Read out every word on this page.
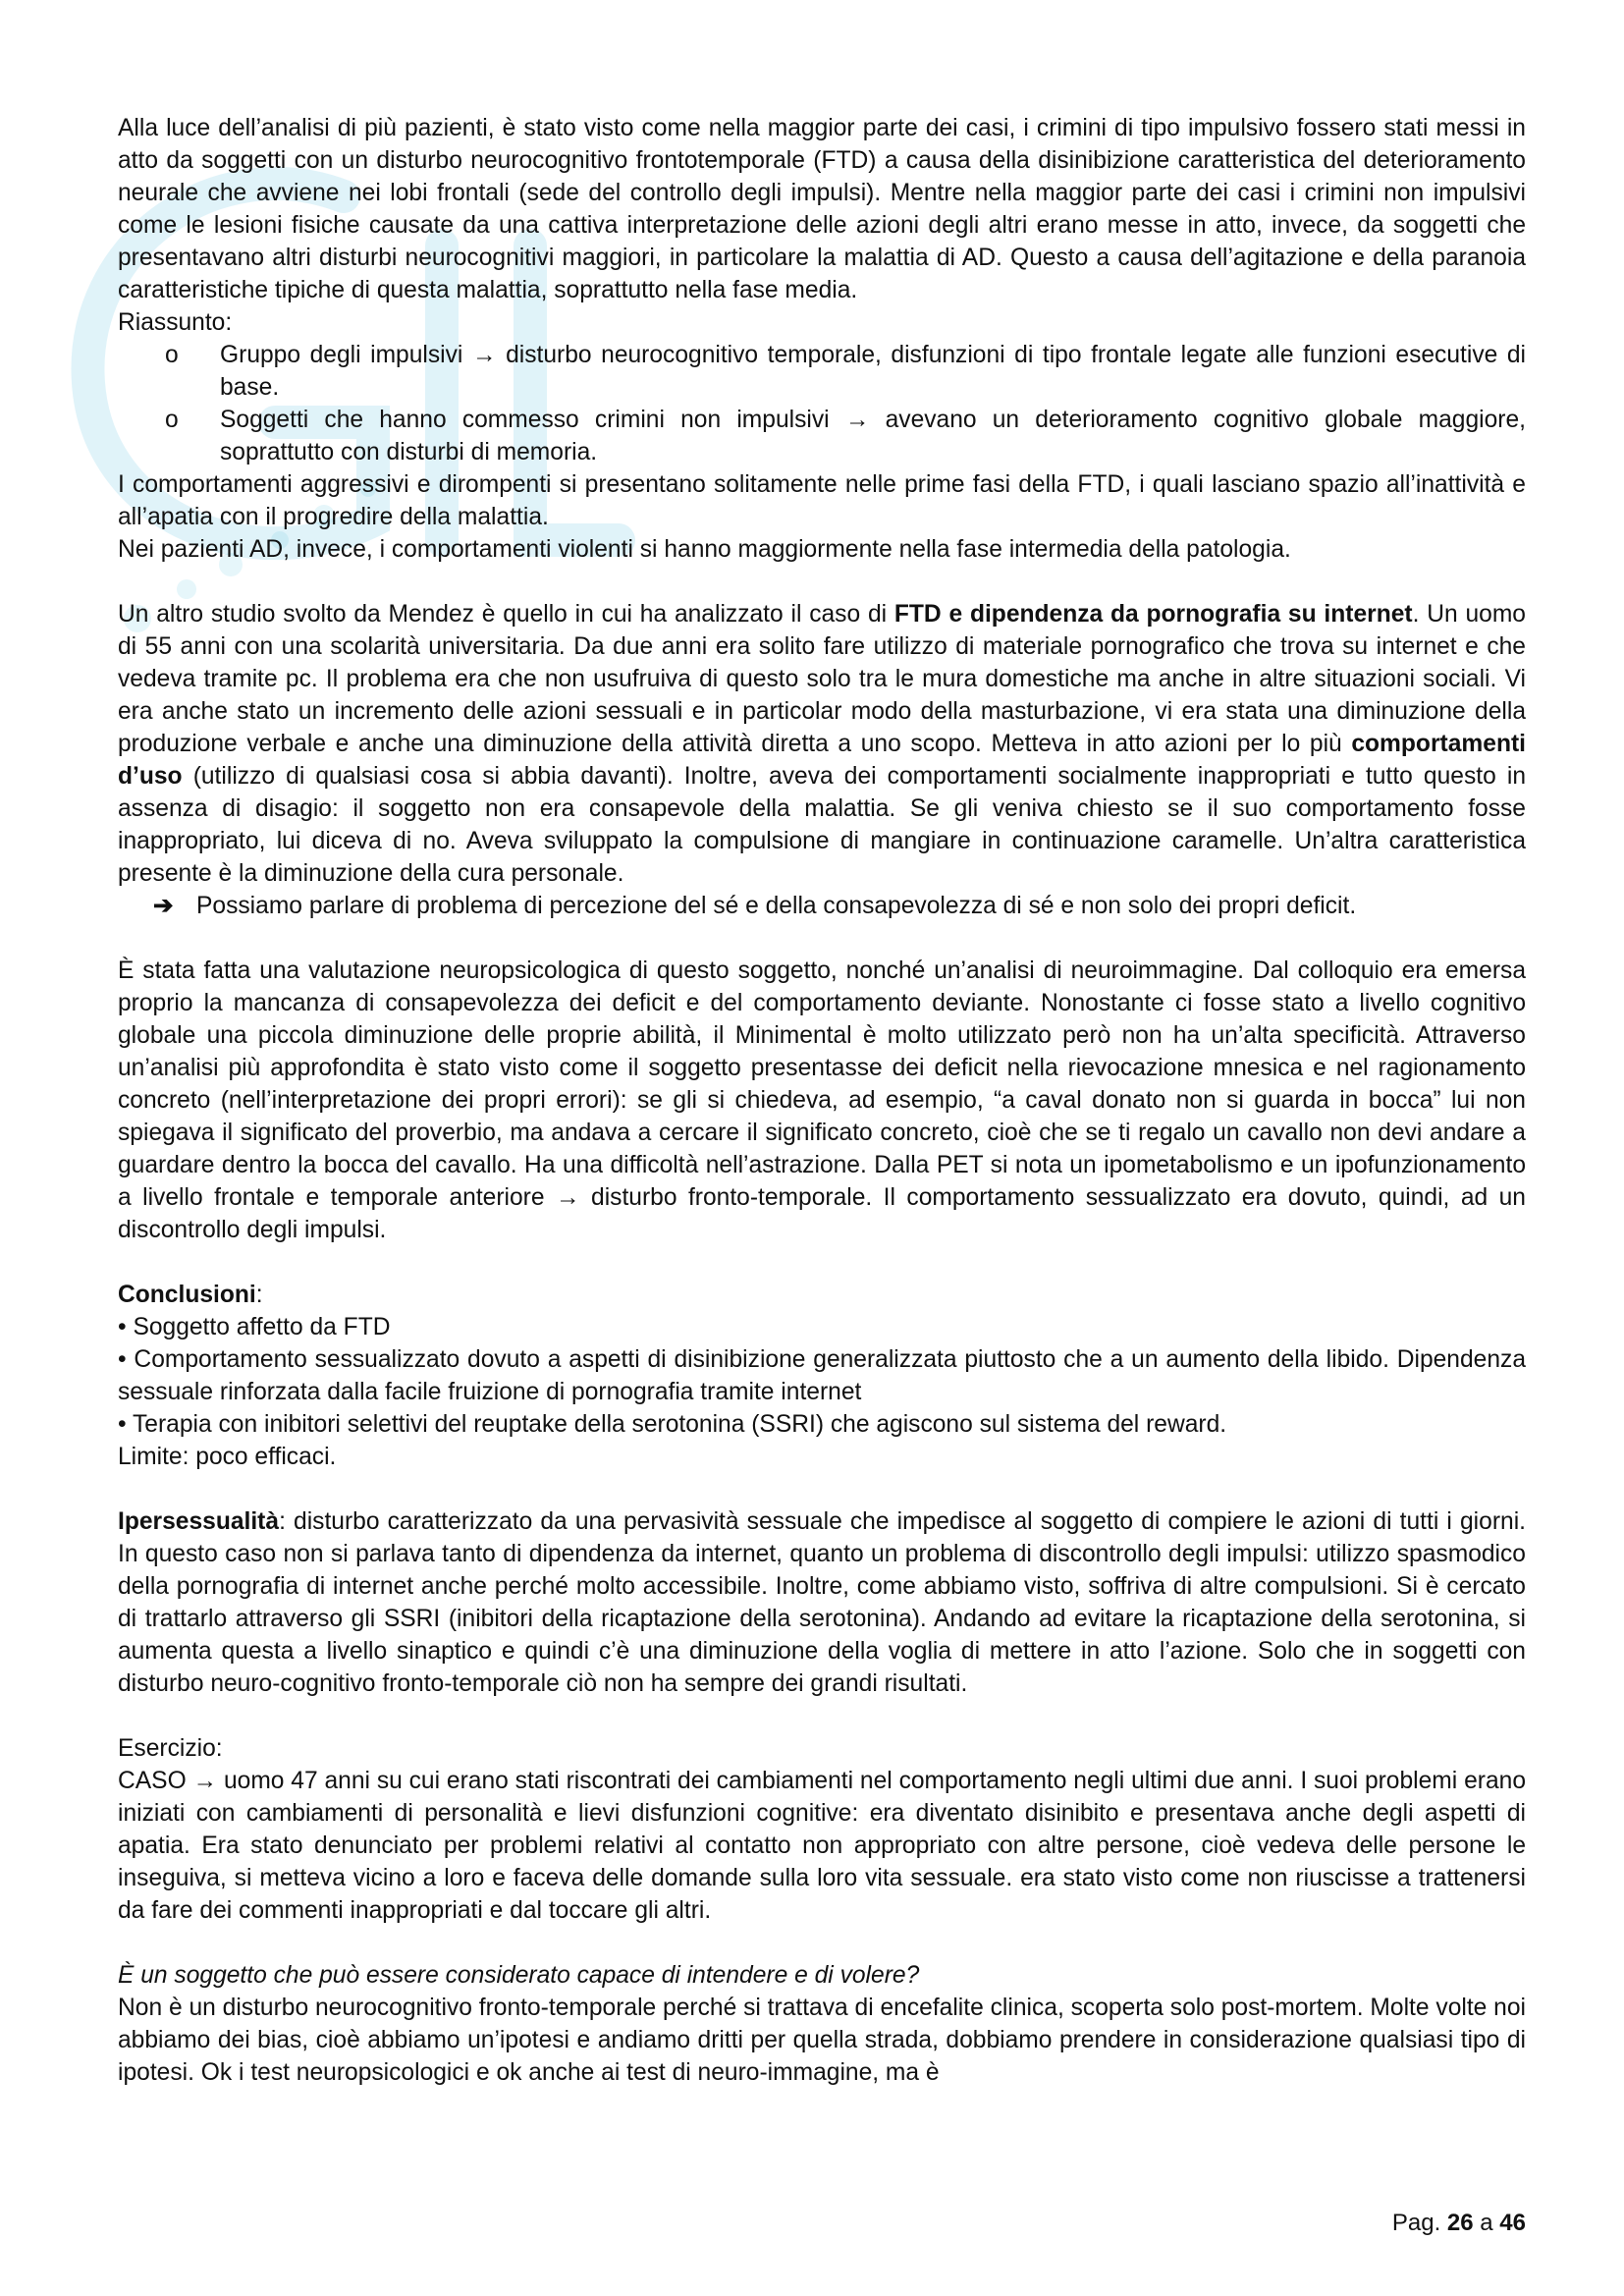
Alla luce dell’analisi di più pazienti, è stato visto come nella maggior parte dei casi, i crimini di tipo impulsivo fossero stati messi in atto da soggetti con un disturbo neurocognitivo frontotemporale (FTD) a causa della disinibizione caratteristica del deterioramento neurale che avviene nei lobi frontali (sede del controllo degli impulsi). Mentre nella maggior parte dei casi i crimini non impulsivi come le lesioni fisiche causate da una cattiva interpretazione delle azioni degli altri erano messe in atto, invece, da soggetti che presentavano altri disturbi neurocognitivi maggiori, in particolare la malattia di AD. Questo a causa dell’agitazione e della paranoia caratteristiche tipiche di questa malattia, soprattutto nella fase media.

Riassunto:

o	Gruppo degli impulsivi → disturbo neurocognitivo temporale, disfunzioni di tipo frontale legate alle funzioni esecutive di base.
o	Soggetti che hanno commesso crimini non impulsivi → avevano un deterioramento cognitivo globale maggiore, soprattutto con disturbi di memoria.

I comportamenti aggressivi e dirompenti si presentano solitamente nelle prime fasi della FTD, i quali lasciano spazio all’inattività e all’apatia con il progredire della malattia.

Nei pazienti AD, invece, i comportamenti violenti si hanno maggiormente nella fase intermedia della patologia.

Un altro studio svolto da Mendez è quello in cui ha analizzato il caso di FTD e dipendenza da pornografia su internet. Un uomo di 55 anni con una scolarità universitaria. Da due anni era solito fare utilizzo di materiale pornografico che trova su internet e che vedeva tramite pc. Il problema era che non usufruiva di questo solo tra le mura domestiche ma anche in altre situazioni sociali. Vi era anche stato un incremento delle azioni sessuali e in particolar modo della masturbazione, vi era stata una diminuzione della produzione verbale e anche una diminuzione della attività diretta a uno scopo. Metteva in atto azioni per lo più comportamenti d’uso (utilizzo di qualsiasi cosa si abbia davanti). Inoltre, aveva dei comportamenti socialmente inappropriati e tutto questo in assenza di disagio: il soggetto non era consapevole della malattia. Se gli veniva chiesto se il suo comportamento fosse inappropriato, lui diceva di no. Aveva sviluppato la compulsione di mangiare in continuazione caramelle. Un’altra caratteristica presente è la diminuzione della cura personale.

➔ Possiamo parlare di problema di percezione del sé e della consapevolezza di sé e non solo dei propri deficit.

È stata fatta una valutazione neuropsicologica di questo soggetto, nonché un’analisi di neuroimmagine. Dal colloquio era emersa proprio la mancanza di consapevolezza dei deficit e del comportamento deviante. Nonostante ci fosse stato a livello cognitivo globale una piccola diminuzione delle proprie abilità, il Minimental è molto utilizzato però non ha un’alta specificità. Attraverso un’analisi più approfondita è stato visto come il soggetto presentasse dei deficit nella rievocazione mnesica e nel ragionamento concreto (nell’interpretazione dei propri errori): se gli si chiedeva, ad esempio, “a caval donato non si guarda in bocca” lui non spiegava il significato del proverbio, ma andava a cercare il significato concreto, cioè che se ti regalo un cavallo non devi andare a guardare dentro la bocca del cavallo. Ha una difficoltà nell’astrazione. Dalla PET si nota un ipometabolismo e un ipofunzionamento a livello frontale e temporale anteriore → disturbo fronto-temporale. Il comportamento sessualizzato era dovuto, quindi, ad un discontrollo degli impulsi.

Conclusioni:

• Soggetto affetto da FTD

• Comportamento sessualizzato dovuto a aspetti di disinibizione generalizzata piuttosto che a un aumento della libido. Dipendenza sessuale rinforzata dalla facile fruizione di pornografia tramite internet

• Terapia con inibitori selettivi del reuptake della serotonina (SSRI) che agiscono sul sistema del reward.

Limite: poco efficaci.

Ipersessualità: disturbo caratterizzato da una pervasività sessuale che impedisce al soggetto di compiere le azioni di tutti i giorni. In questo caso non si parlava tanto di dipendenza da internet, quanto un problema di discontrollo degli impulsi: utilizzo spasmodico della pornografia di internet anche perché molto accessibile. Inoltre, come abbiamo visto, soffriva di altre compulsioni. Si è cercato di trattarlo attraverso gli SSRI (inibitori della ricaptazione della serotonina). Andando ad evitare la ricaptazione della serotonina, si aumenta questa a livello sinaptico e quindi c’è una diminuzione della voglia di mettere in atto l’azione. Solo che in soggetti con disturbo neuro-cognitivo fronto-temporale ciò non ha sempre dei grandi risultati.

Esercizio:

CASO → uomo 47 anni su cui erano stati riscontrati dei cambiamenti nel comportamento negli ultimi due anni. I suoi problemi erano iniziati con cambiamenti di personalità e lievi disfunzioni cognitive: era diventato disinibito e presentava anche degli aspetti di apatia. Era stato denunciato per problemi relativi al contatto non appropriato con altre persone, cioè vedeva delle persone le inseguiva, si metteva vicino a loro e faceva delle domande sulla loro vita sessuale. era stato visto come non riuscisse a trattenersi da fare dei commenti inappropriati e dal toccare gli altri.

È un soggetto che può essere considerato capace di intendere e di volere?

Non è un disturbo neurocognitivo fronto-temporale perché si trattava di encefalite clinica, scoperta solo post-mortem. Molte volte noi abbiamo dei bias, cioè abbiamo un’ipotesi e andiamo dritti per quella strada, dobbiamo prendere in considerazione qualsiasi tipo di ipotesi. Ok i test neuropsicologici e ok anche ai test di neuro-immagine, ma è

Pag. 26 a 46
